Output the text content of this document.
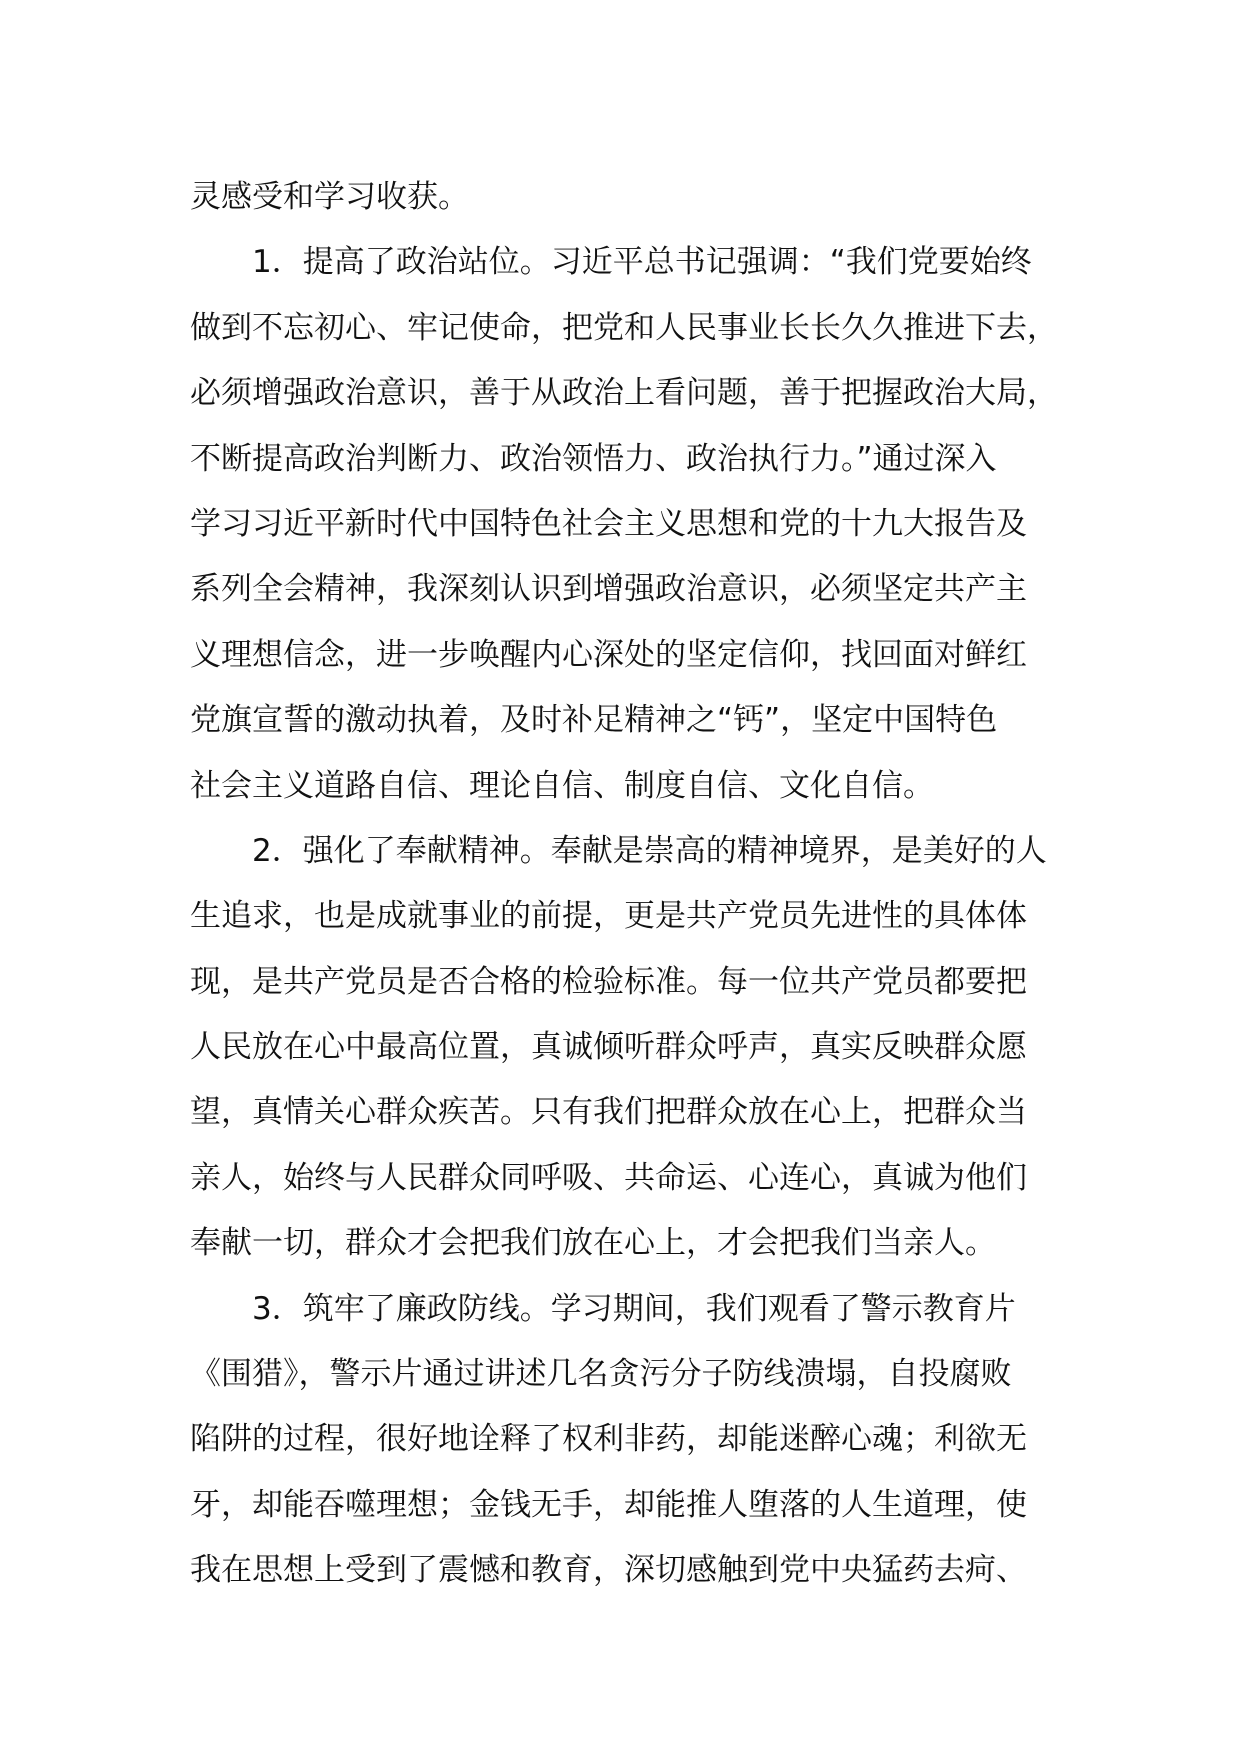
灵感受和学习收获。
1．提高了政治站位。习近平总书记强调：“我们党要始终
做到不忘初心、牢记使命，把党和人民事业长长久久推进下去，
必须增强政治意识，善于从政治上看问题，善于把握政治大局，
不断提高政治判断力、政治领悟力、政治执行力。”通过深入
学习习近平新时代中国特色社会主义思想和党的十九大报告及
系列全会精神，我深刻认识到增强政治意识，必须坚定共产主
义理想信念，进一步唤醒内心深处的坚定信仰，找回面对鲜红
党旗宣誓的激动执着，及时补足精神之“钙”，坚定中国特色
社会主义道路自信、理论自信、制度自信、文化自信。
2．强化了奉献精神。奉献是崇高的精神境界，是美好的人
生追求，也是成就事业的前提，更是共产党员先进性的具体体
现，是共产党员是否合格的检验标准。每一位共产党员都要把
人民放在心中最高位置，真诚倾听群众呼声，真实反映群众愿
望，真情关心群众疾苦。只有我们把群众放在心上，把群众当
亲人，始终与人民群众同呼吸、共命运、心连心，真诚为他们
奉献一切，群众才会把我们放在心上，才会把我们当亲人。
3．筑牢了廉政防线。学习期间，我们观看了警示教育片
《围猎》，警示片通过讲述几名贪污分子防线溃塌，自投腐败
陷阱的过程，很好地诠释了权利非药，却能迷醉心魂；利欲无
牙，却能吞噬理想；金钱无手，却能推人堕落的人生道理，使
我在思想上受到了震憾和教育，深切感触到党中央猛药去疴、
